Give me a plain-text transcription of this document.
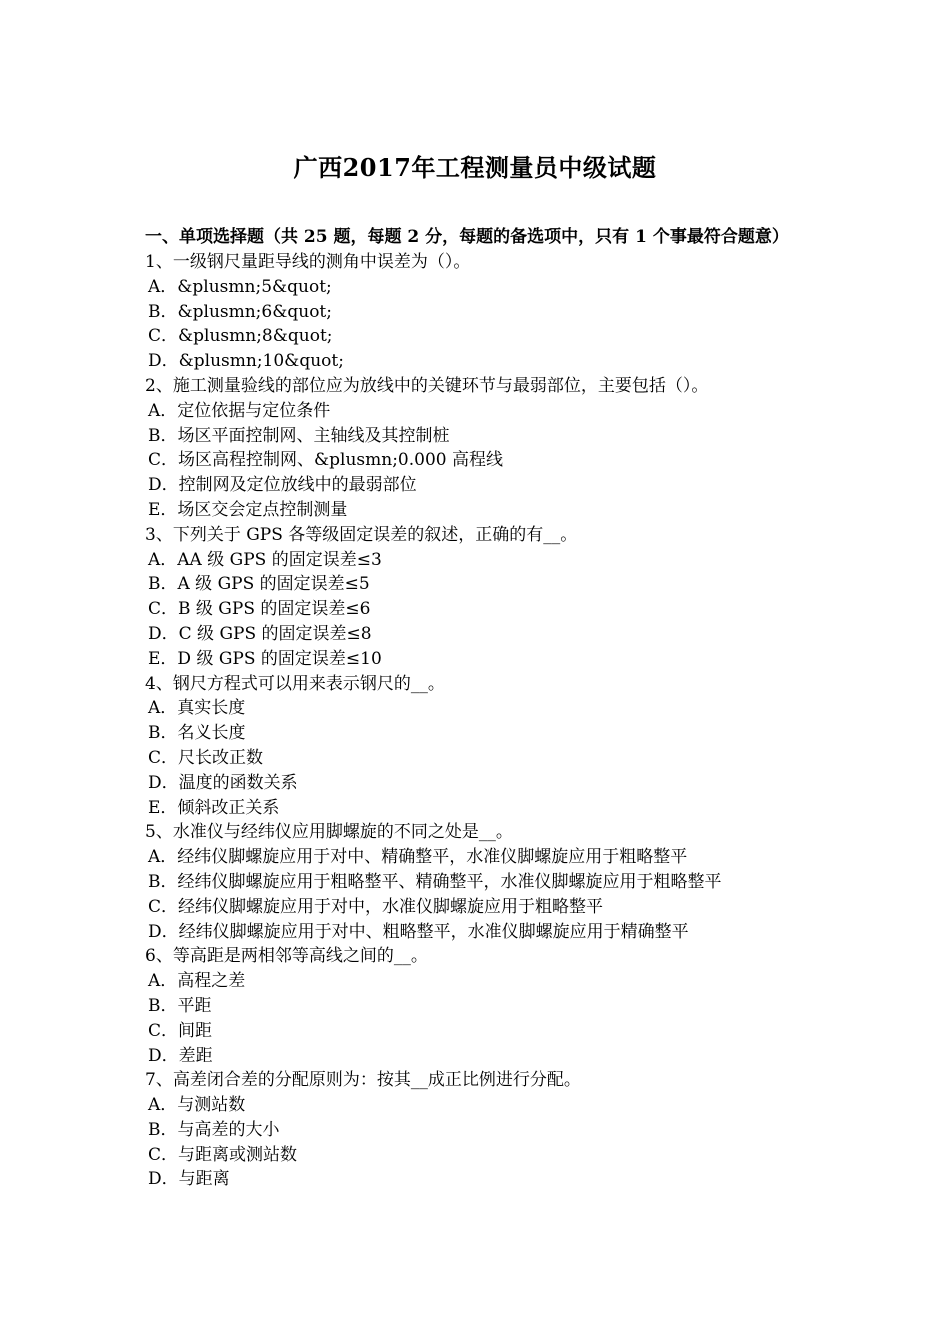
广西2017年工程测量员中级试题

一、单项选择题（共 25 题，每题 2 分，每题的备选项中，只有 1 个事最符合题意）

1、一级钢尺量距导线的测角中误差为（）。
A．&plusmn;5&quot;
B．&plusmn;6&quot;
C．&plusmn;8&quot;
D．&plusmn;10&quot;
2、施工测量验线的部位应为放线中的关键环节与最弱部位，主要包括（）。
A．定位依据与定位条件
B．场区平面控制网、主轴线及其控制桩
C．场区高程控制网、&plusmn;0.000 高程线
D．控制网及定位放线中的最弱部位
E．场区交会定点控制测量
3、下列关于 GPS 各等级固定误差的叙述，正确的有__。
A．AA 级 GPS 的固定误差≤3
B．A 级 GPS 的固定误差≤5
C．B 级 GPS 的固定误差≤6
D．C 级 GPS 的固定误差≤8
E．D 级 GPS 的固定误差≤10
4、钢尺方程式可以用来表示钢尺的__。
A．真实长度
B．名义长度
C．尺长改正数
D．温度的函数关系
E．倾斜改正关系
5、水准仪与经纬仪应用脚螺旋的不同之处是__。
A．经纬仪脚螺旋应用于对中、精确整平，水准仪脚螺旋应用于粗略整平
B．经纬仪脚螺旋应用于粗略整平、精确整平，水准仪脚螺旋应用于粗略整平
C．经纬仪脚螺旋应用于对中，水准仪脚螺旋应用于粗略整平
D．经纬仪脚螺旋应用于对中、粗略整平，水准仪脚螺旋应用于精确整平
6、等高距是两相邻等高线之间的__。
A．高程之差
B．平距
C．间距
D．差距
7、高差闭合差的分配原则为：按其__成正比例进行分配。
A．与测站数
B．与高差的大小
C．与距离或测站数
D．与距离
